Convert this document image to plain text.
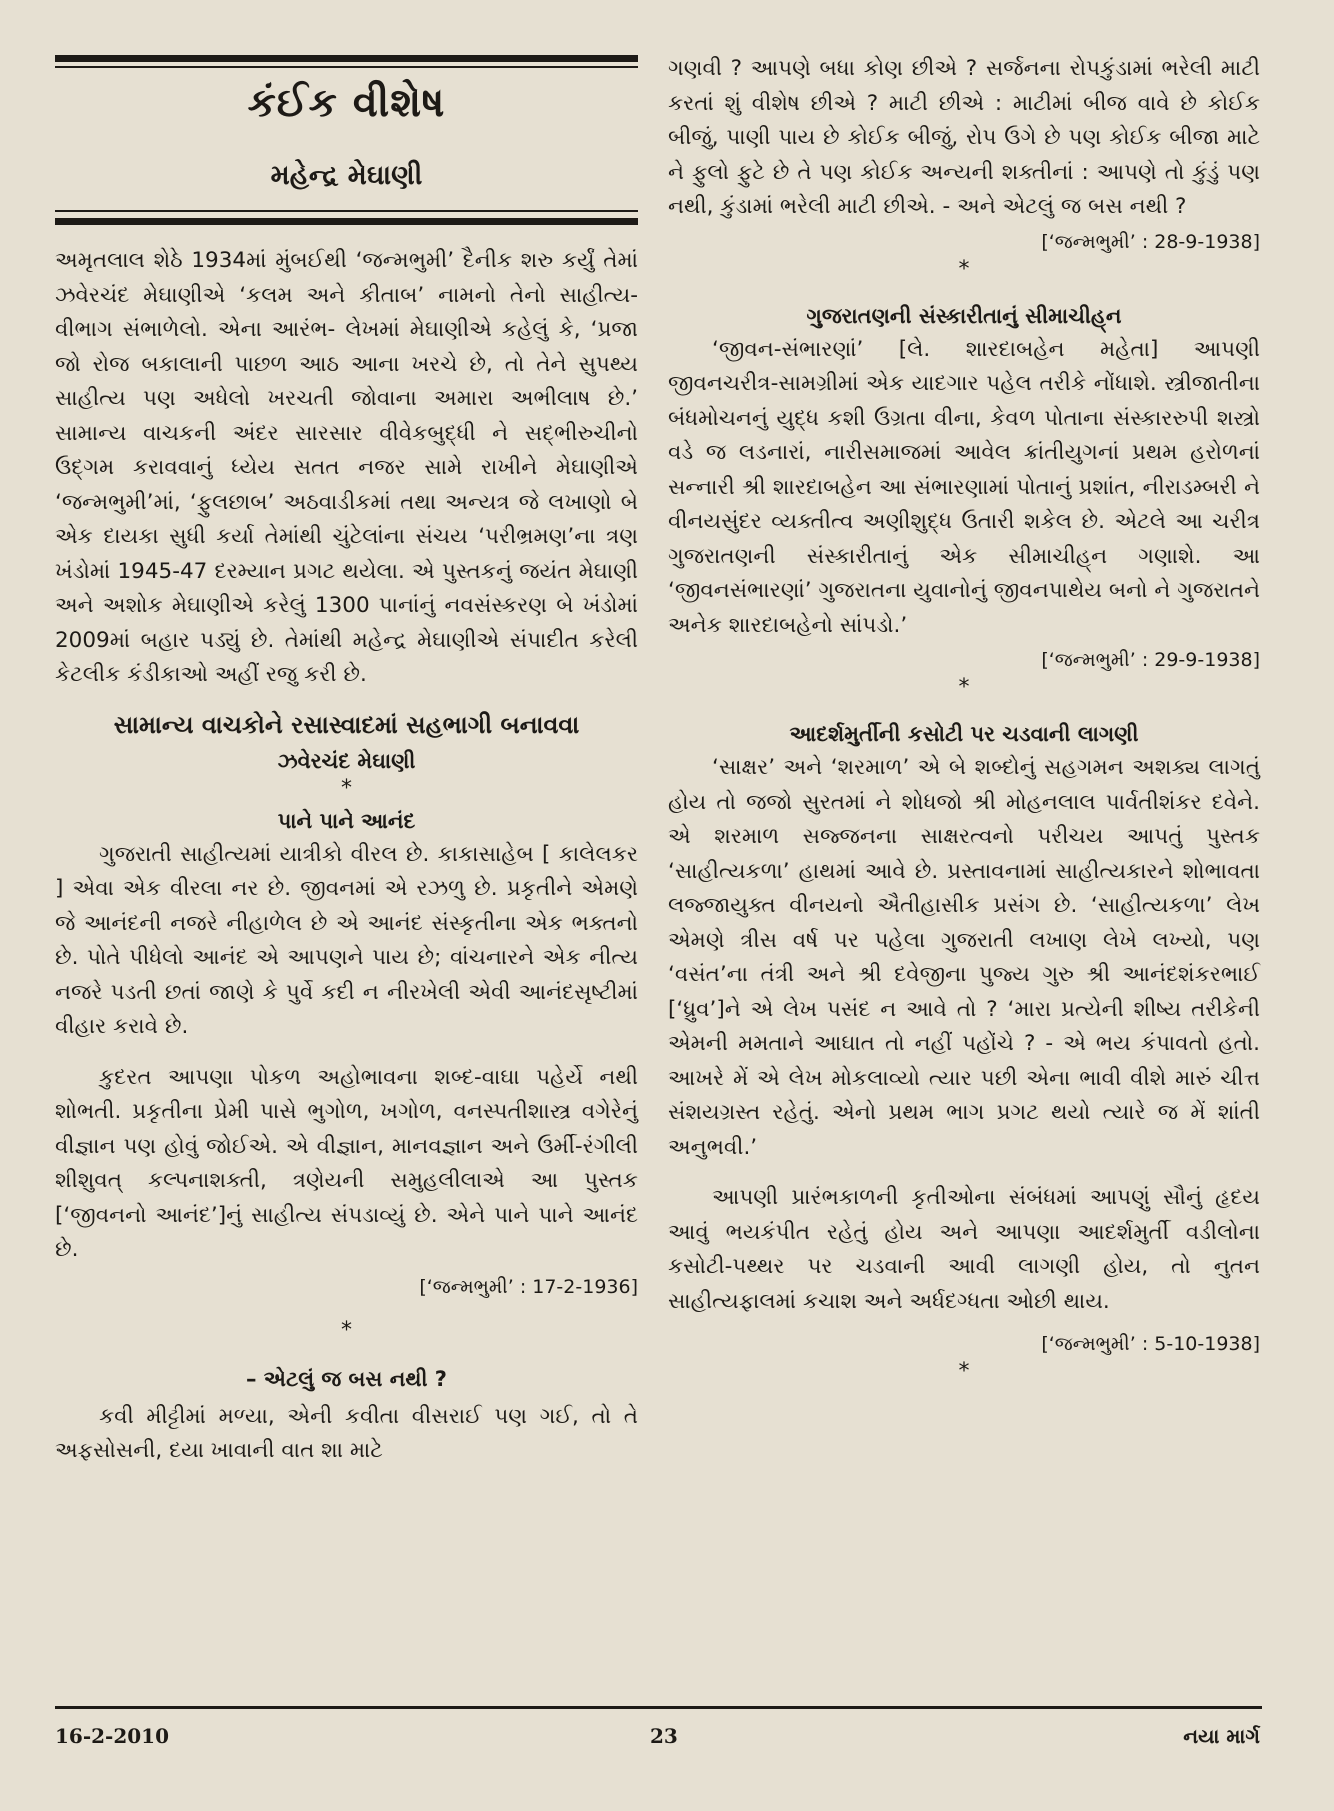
કંઈક વીશેષ
મહેન્દ્ર મેઘાણી

અમૃતલાલ શેઠે 1934માં મુંબઈથી ‘જન્મભુમી’ દૈનીક શરુ કર્યું તેમાં ઝવેરચંદ મેઘાણીએ ‘કલમ અને કીતાબ’ નામનો તેનો સાહીત્ય-વીભાગ સંભાળેલો. એના આરંભ- લેખમાં મેઘાણીએ કહેલું કે, ‘પ્રજા જો રોજ બકાલાની પાછળ આઠ આના ખરચે છે, તો તેને સુપથ્ય સાહીત્ય પણ અધેલો ખરચતી જોવાના અમારા અભીલાષ છે.’ સામાન્ય વાચકની અંદર સારસાર વીવેકબુદ્ધી ને સદ્‌ભીરુચીનો ઉદ્‌ગમ કરાવવાનું ધ્યેય સતત નજર સામે રાખીને મેઘાણીએ ‘જન્મભુમી’માં, ‘ફુલછાબ’ અઠવાડીકમાં તથા અન્યત્ર જે લખાણો બે એક દાયકા સુધી કર્યા તેમાંથી ચુંટેલાંના સંચય ‘પરીભ્રમણ’ના ત્રણ ખંડોમાં 1945-47 દરમ્યાન પ્રગટ થયેલા. એ પુસ્તકનું જયંત મેઘાણી અને અશોક મેઘાણીએ કરેલું 1300 પાનાંનું નવસંસ્કરણ બે ખંડોમાં 2009માં બહાર પડ્યું છે. તેમાંથી મહેન્દ્ર મેઘાણીએ સંપાદીત કરેલી કેટલીક કંડીકાઓ અહીં રજુ કરી છે.

સામાન્ય વાચકોને રસાસ્વાદમાં સહભાગી બનાવવા

ઝવેરચંદ મેઘાણી

*

પાને પાને આનંદ

ગુજરાતી સાહીત્યમાં યાત્રીકો વીરલ છે. કાકાસાહેબ [ કાલેલકર ] એવા એક વીરલા નર છે. જીવનમાં એ રઝળુ છે. પ્રકૃતીને એમણે જે આનંદની નજરે નીહાળેલ છે એ આનંદ સંસ્કૃતીના એક ભક્તનો છે. પોતે પીધેલો આનંદ એ આપણને પાય છે; વાંચનારને એક નીત્ય નજરે પડતી છતાં જાણે કે પુર્વે કદી ન નીરખેલી એવી આનંદસૃષ્ટીમાં વીહાર કરાવે છે.

કુદરત આપણા પોકળ અહોભાવના શબ્દ-વાઘા પહેર્યે નથી શોભતી. પ્રકૃતીના પ્રેમી પાસે ભુગોળ, ખગોળ, વનસ્પતીશાસ્ત્ર વગેરેનું વીજ્ઞાન પણ હોવું જોઈએ. એ વીજ્ઞાન, માનવજ્ઞાન અને ઉર્મી-રંગીલી શીશુવત્ કલ્પનાશક્તી, ત્રણેયની સમુહલીલાએ આ પુસ્તક [‘જીવનનો આનંદ’]નું સાહીત્ય સંપડાવ્યું છે. એને પાને પાને આનંદ છે.

[‘જન્મભુમી’ : 17-2-1936]

*

– એટલું જ બસ નથી ?

કવી મીટ્ટીમાં મળ્યા, એની કવીતા વીસરાઈ પણ ગઈ, તો તે અફસોસની, દયા ખાવાની વાત શા માટે

ગણવી ? આપણે બધા કોણ છીએ ? સર્જનના રોપકુંડામાં ભરેલી માટી કરતાં શું વીશેષ છીએ ? માટી છીએ : માટીમાં બીજ વાવે છે કોઈક બીજું, પાણી પાય છે કોઈક બીજું, રોપ ઉગે છે પણ કોઈક બીજા માટે ને ફુલો ફુટે છે તે પણ કોઈક અન્યની શક્તીનાં : આપણે તો કુંડું પણ નથી, કુંડામાં ભરેલી માટી છીએ. - અને એટલું જ બસ નથી ?

[‘જન્મભુમી’ : 28-9-1938]

*

ગુજરાતણની સંસ્કારીતાનું સીમાચીહ્‌ન

‘જીવન-સંભારણાં’ [લે. શારદાબહેન મહેતા] આપણી જીવનચરીત્ર-સામગ્રીમાં એક યાદગાર પહેલ તરીકે નોંધાશે. સ્ત્રીજાતીના બંધમોચનનું યુદ્ધ કશી ઉગ્રતા વીના, કેવળ પોતાના સંસ્કારરુપી શસ્ત્રો વડે જ લડનારાં, નારીસમાજમાં આવેલ ક્રાંતીયુગનાં પ્રથમ હરોળનાં સન્નારી શ્રી શારદાબહેન આ સંભારણામાં પોતાનું પ્રશાંત, નીરાડમ્બરી ને વીનયસુંદર વ્યક્તીત્વ અણીશુદ્ધ ઉતારી શકેલ છે. એટલે આ ચરીત્ર ગુજરાતણની સંસ્કારીતાનું એક સીમાચીહ્‌ન ગણાશે. આ ‘જીવનસંભારણાં’ ગુજરાતના યુવાનોનું જીવનપાથેય બનો ને ગુજરાતને અનેક શારદાબહેનો સાંપડો.’

[‘જન્મભુમી’ : 29-9-1938]

*

આદર્શમુર્તીની કસોટી પર ચડવાની લાગણી

‘સાક્ષર’ અને ‘શરમાળ’ એ બે શબ્દોનું સહગમન અશક્ય લાગતું હોય તો જજો સુરતમાં ને શોધજો શ્રી મોહનલાલ પાર્વતીશંકર દવેને. એ શરમાળ સજ્જનના સાક્ષરત્વનો પરીચય આપતું પુસ્તક ‘સાહીત્યકળા’ હાથમાં આવે છે. પ્રસ્તાવનામાં સાહીત્યકારને શોભાવતા લજ્જાયુક્ત વીનયનો ઐતીહાસીક પ્રસંગ છે. ‘સાહીત્યકળા’ લેખ એમણે ત્રીસ વર્ષ પર પહેલા ગુજરાતી લખાણ લેખે લખ્યો, પણ ‘વસંત’ના તંત્રી અને શ્રી દવેજીના પુજ્ય ગુરુ શ્રી આનંદશંકરભાઈ [‘ધ્રુવ’]ને એ લેખ પસંદ ન આવે તો ? ‘મારા પ્રત્યેની શીષ્ય તરીકેની એમની મમતાને આઘાત તો નહીં પહોંચે ? - એ ભય કંપાવતો હતો. આખરે મેં એ લેખ મોકલાવ્યો ત્યાર પછી એના ભાવી વીશે મારું ચીત્ત સંશયગ્રસ્ત રહેતું. એનો પ્રથમ ભાગ પ્રગટ થયો ત્યારે જ મેં શાંતી અનુભવી.’

આપણી પ્રારંભકાળની કૃતીઓના સંબંધમાં આપણું સૌનું હૃદય આવું ભયકંપીત રહેતું હોય અને આપણા આદર્શમુર્તી વડીલોના કસોટી-પથ્થર પર ચડવાની આવી લાગણી હોય, તો નુતન સાહીત્યફાલમાં કચાશ અને અર્ધદગ્ધતા ઓછી થાય.

[‘જન્મભુમી’ : 5-10-1938]

*

16-2-2010	23	નયા માર્ગ
